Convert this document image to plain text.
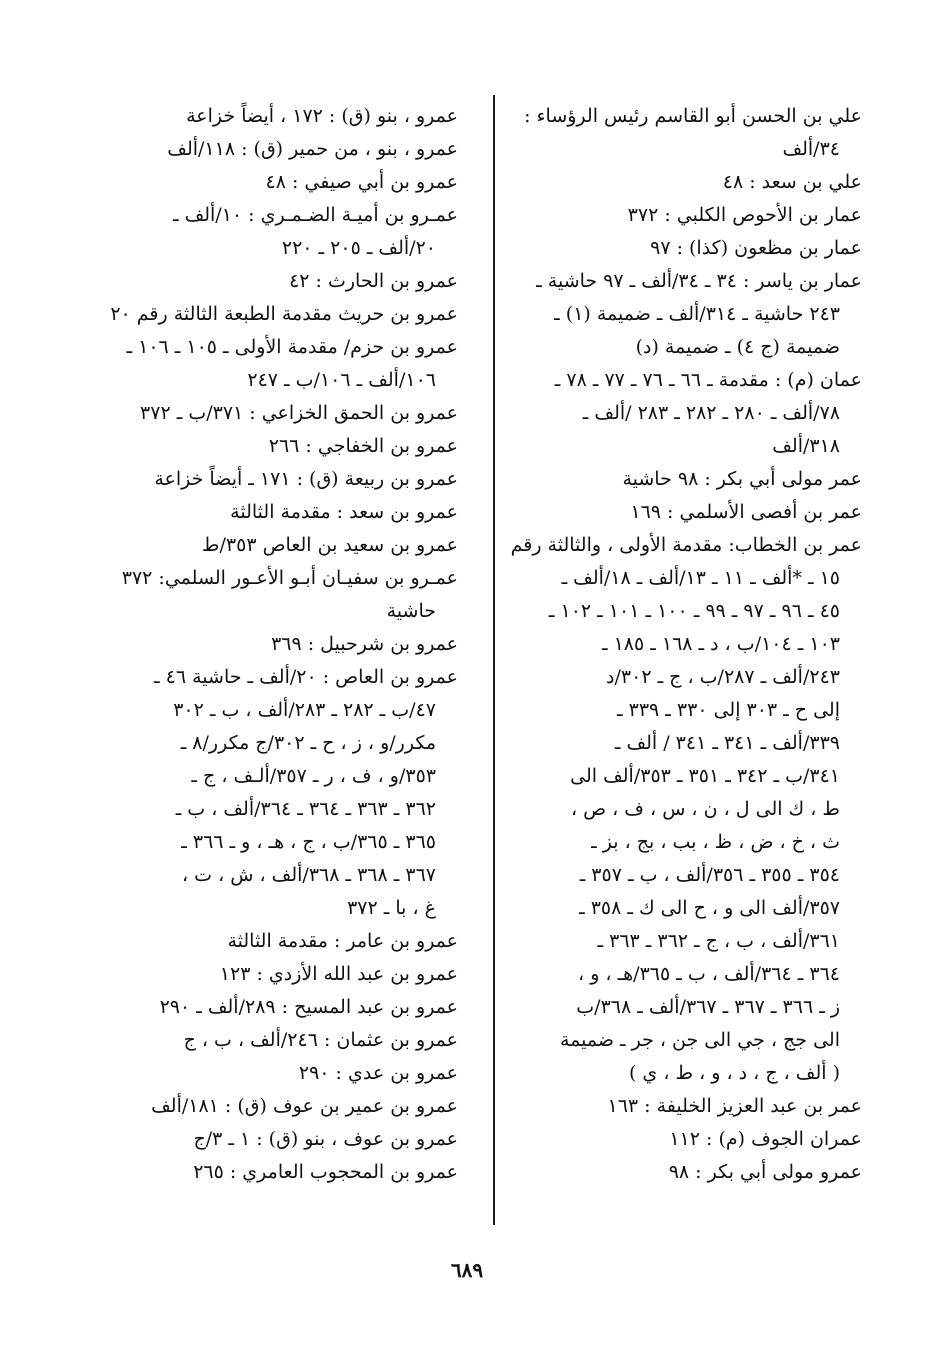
علي بن الحسن أبو القاسم رئيس الرؤساء :
٣٤/ألف
علي بن سعد : ٤٨
عمار بن الأحوص الكلبي : ٣٧٢
عمار بن مظعون (كذا) : ٩٧
عمار بن ياسر : ٣٤ ـ ٣٤/ألف ـ ٩٧ حاشية ـ
٢٤٣ حاشية ـ ٣١٤/ألف ـ ضميمة (١) ـ
ضميمة (ج ٤) ـ ضميمة (د)
عمان (م) : مقدمة ـ ٦٦ ـ ٧٦ ـ ٧٧ ـ ٧٨ ـ
٧٨/ألف ـ ٢٨٠ ـ ٢٨٢ ـ ٢٨٣ /ألف ـ
٣١٨/ألف
عمر مولى أبي بكر : ٩٨ حاشية
عمر بن أفصى الأسلمي : ١٦٩
عمر بن الخطاب: مقدمة الأولى ، والثالثة رقم
١٥ ـ *ألف ـ ١١ ـ ١٣/ألف ـ ١٨/ألف ـ
٤٥ ـ ٩٦ ـ ٩٧ ـ ٩٩ ـ ١٠٠ ـ ١٠١ ـ ١٠٢ ـ
١٠٣ ـ ١٠٤/ب ، د ـ ١٦٨ ـ ١٨٥ ـ
٢٤٣/ألف ـ ٢٨٧/ب ، ج ـ ٣٠٢/د
إلى ح ـ ٣٠٣ إلى ٣٣٠ ـ ٣٣٩ ـ
٣٣٩/ألف ـ ٣٤١ ـ ٣٤١ / ألف ـ
٣٤١/ب ـ ٣٤٢ ـ ٣٥١ ـ ٣٥٣/ألف الى
ط ، ك الى ل ، ن ، س ، ف ، ص ،
ث ، خ ، ض ، ظ ، بب ، بج ، بز ـ
٣٥٤ ـ ٣٥٥ ـ ٣٥٦/ألف ، ب ـ ٣٥٧ ـ
٣٥٧/ألف الى و ، ح الى ك ـ ٣٥٨ ـ
٣٦١/ألف ، ب ، ج ـ ٣٦٢ ـ ٣٦٣ ـ
٣٦٤ ـ ٣٦٤/ألف ، ب ـ ٣٦٥/هـ ، و ،
ز ـ ٣٦٦ ـ ٣٦٧ ـ ٣٦٧/ألف ـ ٣٦٨/ب
الى جج ، جي الى جن ، جر ـ ضميمة
( ألف ، ج ، د ، و ، ط ، ي )
عمر بن عبد العزيز الخليفة : ١٦٣
عمران الجوف (م) : ١١٢
عمرو مولى أبي بكر : ٩٨
عمرو ، بنو (ق) : ١٧٢ ، أيضاً خزاعة
عمرو ، بنو ، من حمير (ق) : ١١٨/ألف
عمرو بن أبي صيفي : ٤٨
عمـرو بن أميـة الضـمـري : ١٠/ألف ـ
٢٠/ألف ـ ٢٠٥ ـ ٢٢٠
عمرو بن الحارث : ٤٢
عمرو بن حريث مقدمة الطبعة الثالثة رقم ٢٠
عمرو بن حزم/ مقدمة الأولى ـ ١٠٥ ـ ١٠٦ ـ
١٠٦/ألف ـ ١٠٦/ب ـ ٢٤٧
عمرو بن الحمق الخزاعي : ٣٧١/ب ـ ٣٧٢
عمرو بن الخفاجي : ٢٦٦
عمرو بن ربيعة (ق) : ١٧١ ـ أيضاً خزاعة
عمرو بن سعد : مقدمة الثالثة
عمرو بن سعيد بن العاص ٣٥٣/ط
عمـرو بن سفيـان أبـو الأعـور السلمي: ٣٧٢
حاشية
عمرو بن شرحبيل : ٣٦٩
عمرو بن العاص : ٢٠/ألف ـ حاشية ٤٦ ـ
٤٧/ب ـ ٢٨٢ ـ ٢٨٣/ألف ، ب ـ ٣٠٢
مكرر/و ، ز ، ح ـ ٣٠٢/ج مكرر/٨ ـ
٣٥٣/و ، ف ، ر ـ ٣٥٧/ألـف ، ج ـ
٣٦٢ ـ ٣٦٣ ـ ٣٦٤ ـ ٣٦٤/ألف ، ب ـ
٣٦٥ ـ ٣٦٥/ب ، ج ، هـ ، و ـ ٣٦٦ ـ
٣٦٧ ـ ٣٦٨ ـ ٣٦٨/ألف ، ش ، ت ،
غ ، با ـ ٣٧٢
عمرو بن عامر : مقدمة الثالثة
عمرو بن عبد الله الأزدي : ١٢٣
عمرو بن عبد المسيح : ٢٨٩/ألف ـ ٢٩٠
عمرو بن عثمان : ٢٤٦/ألف ، ب ، ج
عمرو بن عدي : ٢٩٠
عمرو بن عمير بن عوف (ق) : ١٨١/ألف
عمرو بن عوف ، بنو (ق) : ١ ـ ٣/ج
عمرو بن المحجوب العامري : ٢٦٥
٦٨٩
